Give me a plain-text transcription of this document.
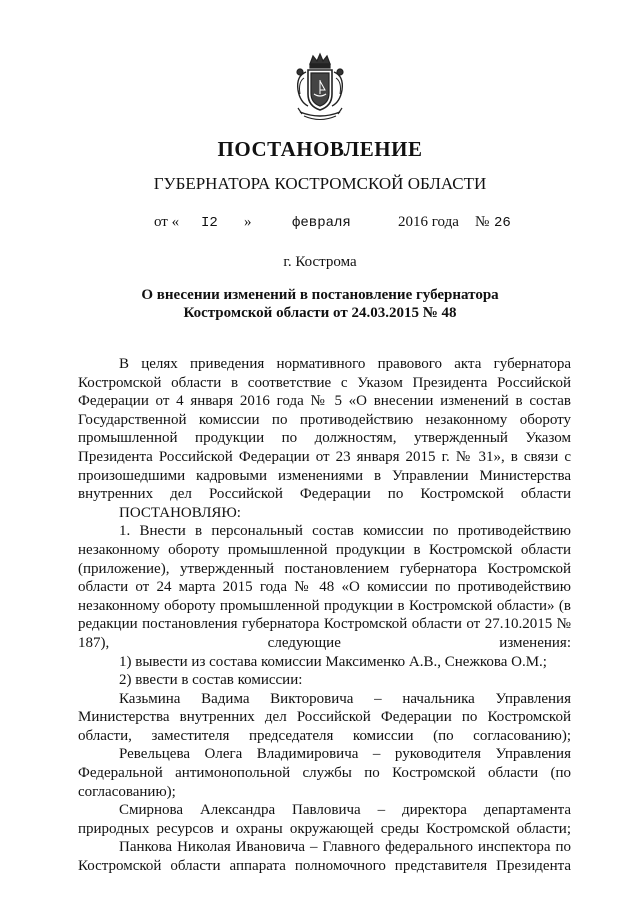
ПОСТАНОВЛЕНИЕ
ГУБЕРНАТОРА КОСТРОМСКОЙ ОБЛАСТИ
от « I2 »	февраля	2016 года № 26
г. Кострома
О внесении изменений в постановление губернатора
Костромской области от 24.03.2015 № 48

В целях приведения нормативного правового акта губернатора Костромской области в соответствие с Указом Президента Российской Федерации от 4 января 2016 года № 5 «О внесении изменений в состав Государственной комиссии по противодействию незаконному обороту промышленной продукции по должностям, утвержденный Указом Президента Российской Федерации от 23 января 2015 г. № 31», в связи с произошедшими кадровыми изменениями в Управлении Министерства внутренних дел Российской Федерации по Костромской области

ПОСТАНОВЛЯЮ:

1. Внести в персональный состав комиссии по противодействию незаконному обороту промышленной продукции в Костромской области (приложение), утвержденный постановлением губернатора Костромской области от 24 марта 2015 года № 48 «О комиссии по противодействию незаконному обороту промышленной продукции в Костромской области» (в редакции постановления губернатора Костромской области от 27.10.2015 № 187), следующие изменения:

1) вывести из состава комиссии Максименко А.В., Снежкова О.М.;

2) ввести в состав комиссии:

Казьмина Вадима Викторовича – начальника Управления Министерства внутренних дел Российской Федерации по Костромской области, заместителя председателя комиссии (по согласованию);

Ревельцева Олега Владимировича – руководителя Управления Федеральной антимонопольной службы по Костромской области (по согласованию);

Смирнова Александра Павловича – директора департамента природных ресурсов и охраны окружающей среды Костромской области;

Панкова Николая Ивановича – Главного федерального инспектора по Костромской области аппарата полномочного представителя Президента
